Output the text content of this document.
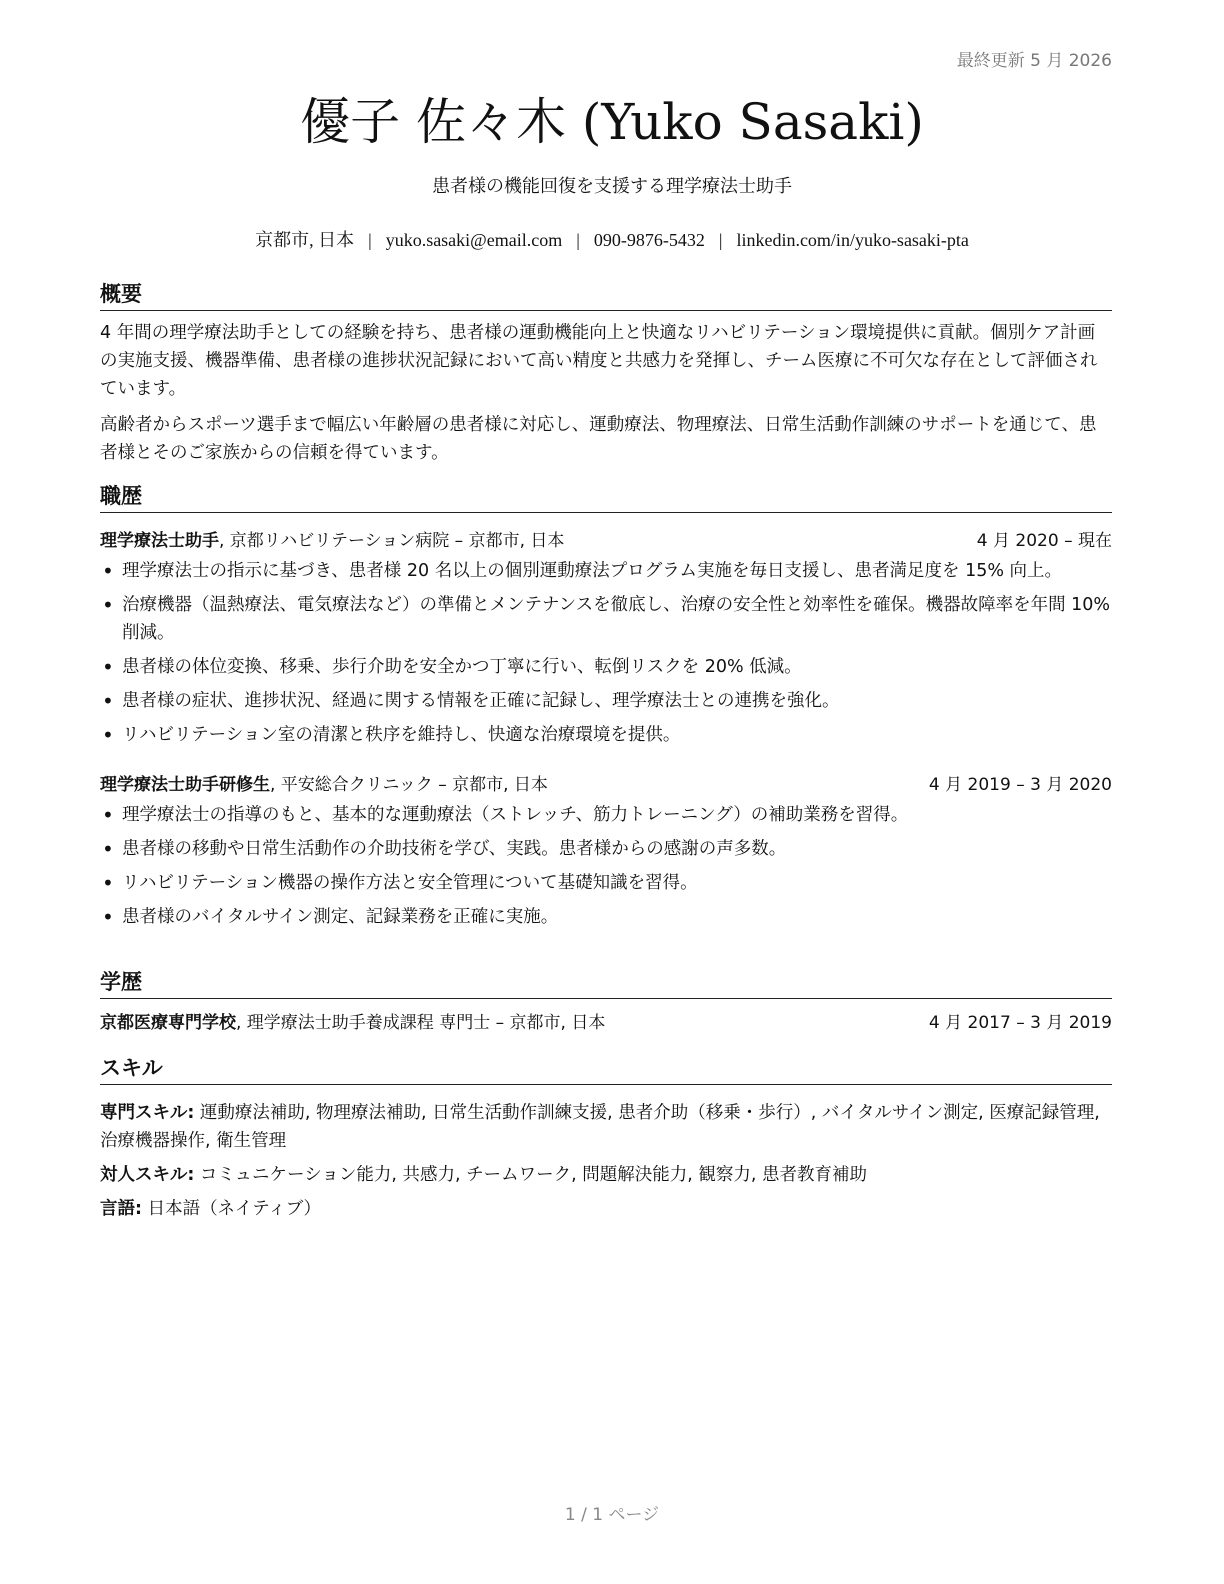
最終更新 5 月 2026
優子 佐々木 (Yuko Sasaki)
患者様の機能回復を支援する理学療法士助手
京都市, 日本 | yuko.sasaki@email.com | 090-9876-5432 | linkedin.com/in/yuko-sasaki-pta
概要

4 年間の理学療法助手としての経験を持ち、患者様の運動機能向上と快適なリハビリテーション環境提供に貢献。個別ケア計画の実施支援、機器準備、患者様の進捗状況記録において高い精度と共感力を発揮し、チーム医療に不可欠な存在として評価されています。

高齢者からスポーツ選手まで幅広い年齢層の患者様に対応し、運動療法、物理療法、日常生活動作訓練のサポートを通じて、患者様とそのご家族からの信頼を得ています。

職歴
理学療法士助手, 京都リハビリテーション病院 – 京都市, 日本	4 月 2020 – 現在
• 理学療法士の指示に基づき、患者様 20 名以上の個別運動療法プログラム実施を毎日支援し、患者満足度を 15% 向上。
• 治療機器（温熱療法、電気療法など）の準備とメンテナンスを徹底し、治療の安全性と効率性を確保。機器故障率を年間 10% 削減。
• 患者様の体位変換、移乗、歩行介助を安全かつ丁寧に行い、転倒リスクを 20% 低減。
• 患者様の症状、進捗状況、経過に関する情報を正確に記録し、理学療法士との連携を強化。
• リハビリテーション室の清潔と秩序を維持し、快適な治療環境を提供。
理学療法士助手研修生, 平安総合クリニック – 京都市, 日本	4 月 2019 – 3 月 2020
• 理学療法士の指導のもと、基本的な運動療法（ストレッチ、筋力トレーニング）の補助業務を習得。
• 患者様の移動や日常生活動作の介助技術を学び、実践。患者様からの感謝の声多数。
• リハビリテーション機器の操作方法と安全管理について基礎知識を習得。
• 患者様のバイタルサイン測定、記録業務を正確に実施。
学歴
京都医療専門学校, 理学療法士助手養成課程 専門士 – 京都市, 日本	4 月 2017 – 3 月 2019
スキル

専門スキル: 運動療法補助, 物理療法補助, 日常生活動作訓練支援, 患者介助（移乗・歩行）, バイタルサイン測定, 医療記録管理, 治療機器操作, 衛生管理

対人スキル: コミュニケーション能力, 共感力, チームワーク, 問題解決能力, 観察力, 患者教育補助

言語: 日本語（ネイティブ）

1 / 1 ページ
